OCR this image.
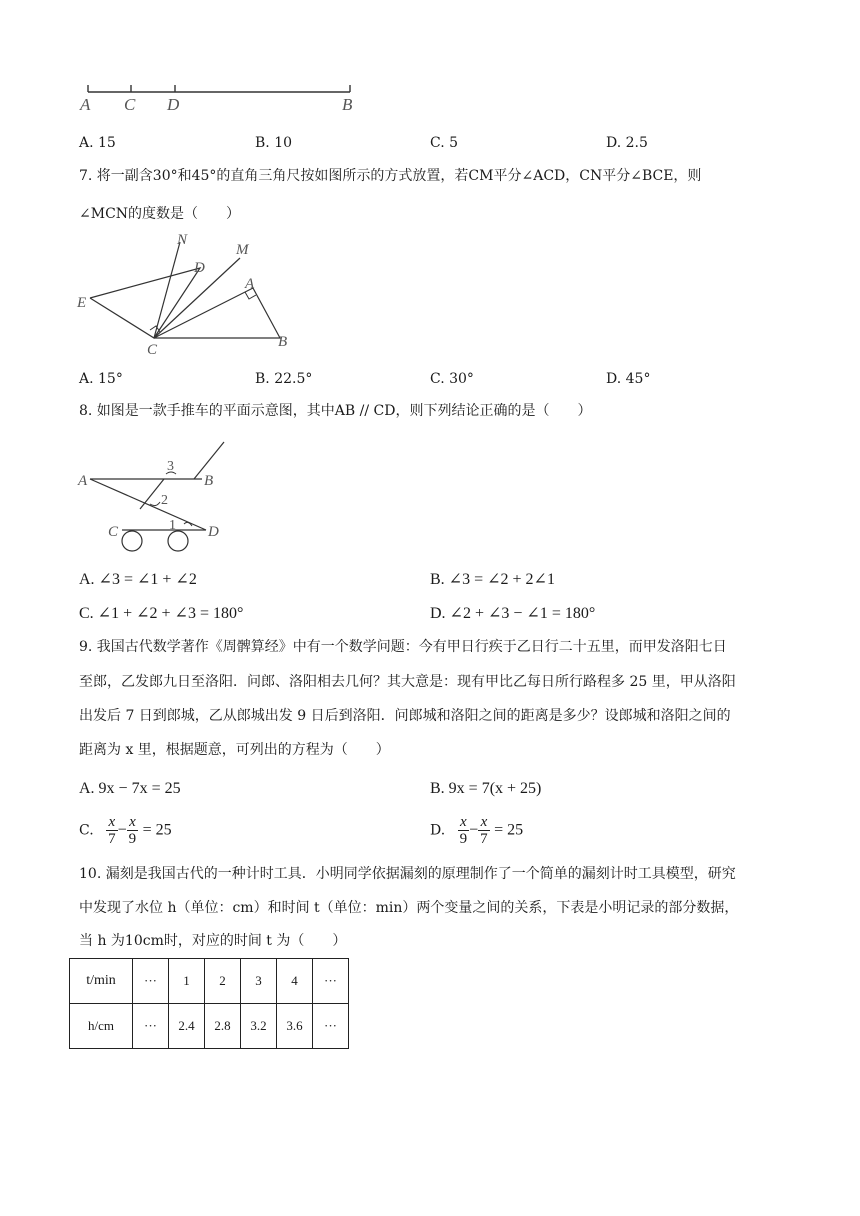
A C D	B
A. 15	B. 10	C. 5	D. 2.5
7. 将一副含30°和45°的直角三角尺按如图所示的方式放置，若CM平分∠ACD，CN平分∠BCE，则
∠MCN的度数是（　　）
N
D
M
A
E
C	B
A. 15°	B. 22.5°	C. 30°	D. 45°
8. 如图是一款手推车的平面示意图，其中AB // CD，则下列结论正确的是（　　）
A	B
C	D
1
2
3
A. ∠3 = ∠1 + ∠2	B. ∠3 = ∠2 + 2∠1
C. ∠1 + ∠2 + ∠3 = 180°	D. ∠2 + ∠3 − ∠1 = 180°
9. 我国古代数学著作《周髀算经》中有一个数学问题：今有甲日行疾于乙日行二十五里，而甲发洛阳七日
至郎，乙发郎九日至洛阳．问郎、洛阳相去几何？其大意是：现有甲比乙每日所行路程多 25 里，甲从洛阳
出发后 7 日到郎城，乙从郎城出发 9 日后到洛阳．问郎城和洛阳之间的距离是多少？设郎城和洛阳之间的
距离为 x 里，根据题意，可列出的方程为（　　）
A. 9x − 7x = 25	B. 9x = 7(x + 25)
C. $\frac{x}{7} - \frac{x}{9} = 25$	D. $\frac{x}{9} - \frac{x}{7} = 25$
10. 漏刻是我国古代的一种计时工具．小明同学依据漏刻的原理制作了一个简单的漏刻计时工具模型，研究
中发现了水位 h（单位：cm）和时间 t（单位：min）两个变量之间的关系，下表是小明记录的部分数据，
当 h 为10cm时，对应的时间 t 为（　　）
t/min	···	1	2	3	4	···
h/cm	···	2.4	2.8	3.2	3.6	···
